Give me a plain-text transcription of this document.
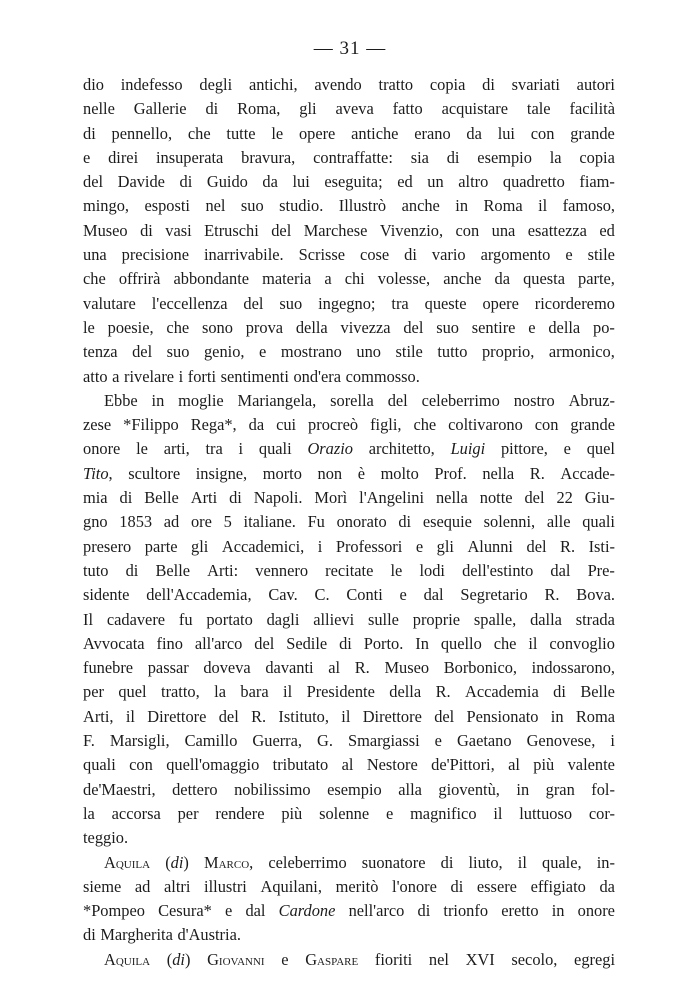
— 31 —
dio indefesso degli antichi, avendo tratto copia di svariati autori
nelle Gallerie di Roma, gli aveva fatto acquistare tale facilità
di pennello, che tutte le opere antiche erano da lui con grande
e direi insuperata bravura, contraffatte: sia di esempio la copia
del Davide di Guido da lui eseguita; ed un altro quadretto fiam-
mingo, esposti nel suo studio. Illustrò anche in Roma il famoso,
Museo di vasi Etruschi del Marchese Vivenzio, con una esattezza ed
una precisione inarrivabile. Scrisse cose di vario argomento e stile
che offrirà abbondante materia a chi volesse, anche da questa parte,
valutare l'eccellenza del suo ingegno; tra queste opere ricorderemo
le poesie, che sono prova della vivezza del suo sentire e della po-
tenza del suo genio, e mostrano uno stile tutto proprio, armonico,
atto a rivelare i forti sentimenti ond'era commosso.
Ebbe in moglie Mariangela, sorella del celeberrimo nostro Abruz-
zese *Filippo Rega*, da cui procreò figli, che coltivarono con grande
onore le arti, tra i quali Orazio architetto, Luigi pittore, e quel
Tito, scultore insigne, morto non è molto Prof. nella R. Accade-
mia di Belle Arti di Napoli. Morì l'Angelini nella notte del 22 Giu-
gno 1853 ad ore 5 italiane. Fu onorato di esequie solenni, alle quali
presero parte gli Accademici, i Professori e gli Alunni del R. Isti-
tuto di Belle Arti: vennero recitate le lodi dell'estinto dal Pre-
sidente dell'Accademia, Cav. C. Conti e dal Segretario R. Bova.
Il cadavere fu portato dagli allievi sulle proprie spalle, dalla strada
Avvocata fino all'arco del Sedile di Porto. In quello che il convoglio
funebre passar doveva davanti al R. Museo Borbonico, indossarono,
per quel tratto, la bara il Presidente della R. Accademia di Belle
Arti, il Direttore del R. Istituto, il Direttore del Pensionato in Roma
F. Marsigli, Camillo Guerra, G. Smargiassi e Gaetano Genovese, i
quali con quell'omaggio tributato al Nestore de'Pittori, al più valente
de'Maestri, dettero nobilissimo esempio alla gioventù, in gran fol-
la accorsa per rendere più solenne e magnifico il luttuoso cor-
teggio.
Aquila (di) Marco, celeberrimo suonatore di liuto, il quale, in-
sieme ad altri illustri Aquilani, meritò l'onore di essere effigiato da
*Pompeo Cesura* e dal Cardone nell'arco di trionfo eretto in onore
di Margherita d'Austria.
Aquila (di) Giovanni e Gaspare fioriti nel XVI secolo, egregi
